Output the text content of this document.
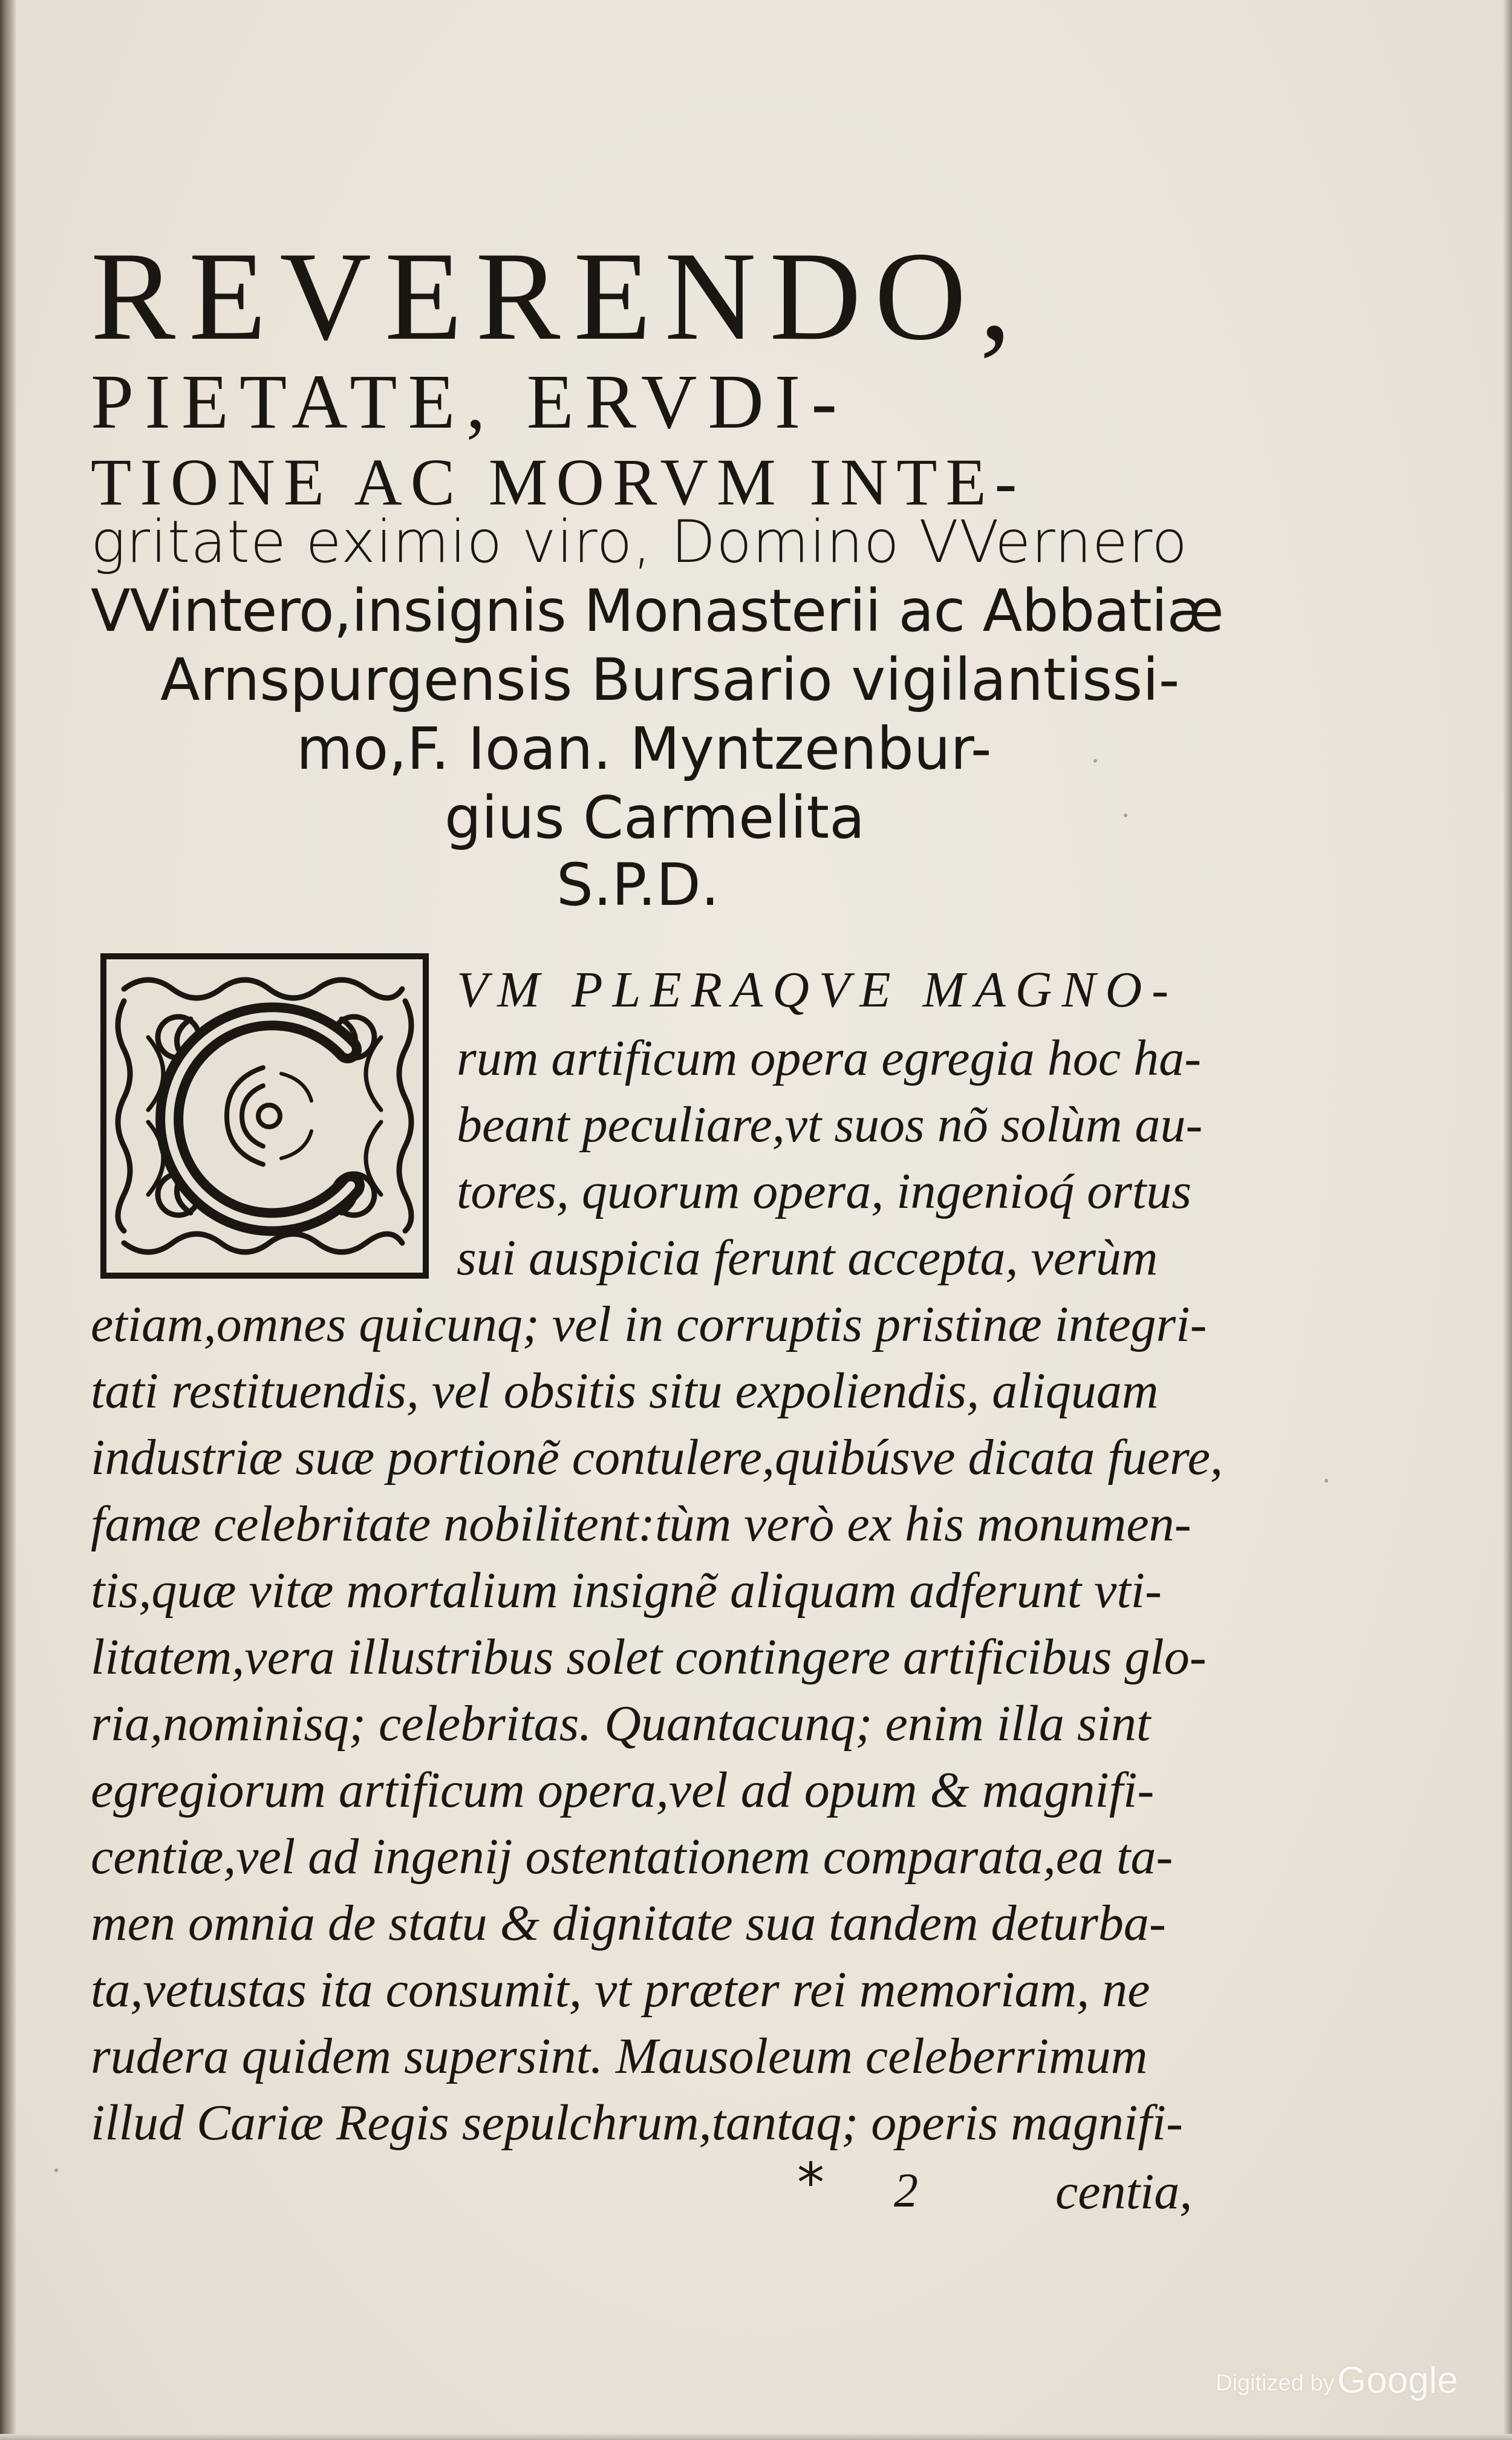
REVERENDO,

PIETATE, ERVDI-

TIONE AC MORVM INTE-

gritate eximio viro, Domino VVernero

VVintero,insignis Monasterii ac Abbatiæ

Arnspurgensis Bursario vigilantissi-

mo,F. Ioan. Myntzenbur-

gius Carmelita

S.P.D.

VM PLERAQVE MAGNO-

rum artificum opera egregia hoc ha-

beant peculiare,vt suos nõ solùm au-

tores, quorum opera, ingenioq́ ortus

sui auspicia ferunt accepta, verùm

etiam,omnes quicunq; vel in corruptis pristinæ integri-

tati restituendis, vel obsitis situ expoliendis, aliquam

industriæ suæ portionẽ contulere,quibúsve dicata fuere,

famæ celebritate nobilitent:tùm verò ex his monumen-

tis,quæ vitæ mortalium insignẽ aliquam adferunt vti-

litatem,vera illustribus solet contingere artificibus glo-

ria,nominisq; celebritas. Quantacunq; enim illa sint

egregiorum artificum opera,vel ad opum & magnifi-

centiæ,vel ad ingenij ostentationem comparata,ea ta-

men omnia de statu & dignitate sua tandem deturba-

ta,vetustas ita consumit, vt præter rei memoriam, ne

rudera quidem supersint. Mausoleum celeberrimum

illud Cariæ Regis sepulchrum,tantaq; operis magnifi-

* 2	centia,
Digitized by Google
